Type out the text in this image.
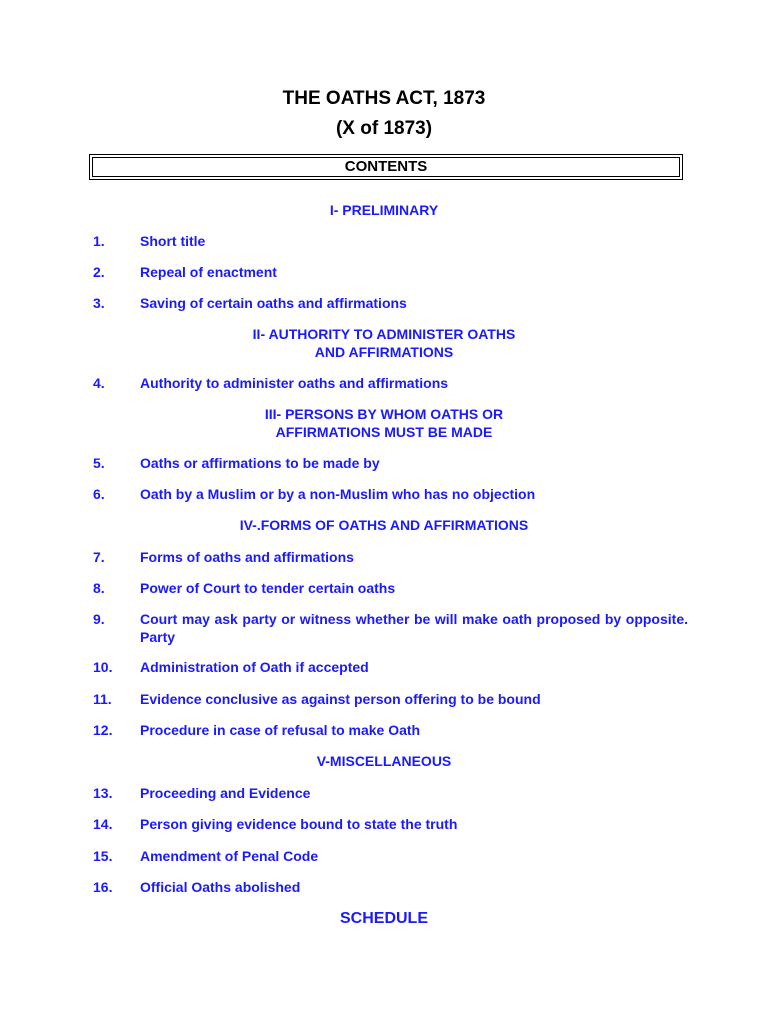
THE OATHS ACT, 1873
(X of 1873)
CONTENTS
I- PRELIMINARY
1.	Short title
2.	Repeal of enactment
3.	Saving of certain oaths and affirmations
II- AUTHORITY TO ADMINISTER OATHS
AND AFFIRMATIONS
4.	Authority to administer oaths and affirmations
III- PERSONS BY WHOM OATHS OR
AFFIRMATIONS MUST BE MADE
5.	Oaths or affirmations to be made by
6.	Oath by a Muslim or by a non-Muslim who has no objection
IV-.FORMS OF OATHS AND AFFIRMATIONS
7.	Forms of oaths and affirmations
8.	Power of Court to tender certain oaths
9.	Court may ask party or witness whether be will make oath proposed by opposite. Party
10.	Administration of Oath if accepted
11.	Evidence conclusive as against person offering to be bound
12.	Procedure in case of refusal to make Oath
V-MISCELLANEOUS
13.	Proceeding and Evidence
14.	Person giving evidence bound to state the truth
15.	Amendment of Penal Code
16.	Official Oaths abolished
SCHEDULE
